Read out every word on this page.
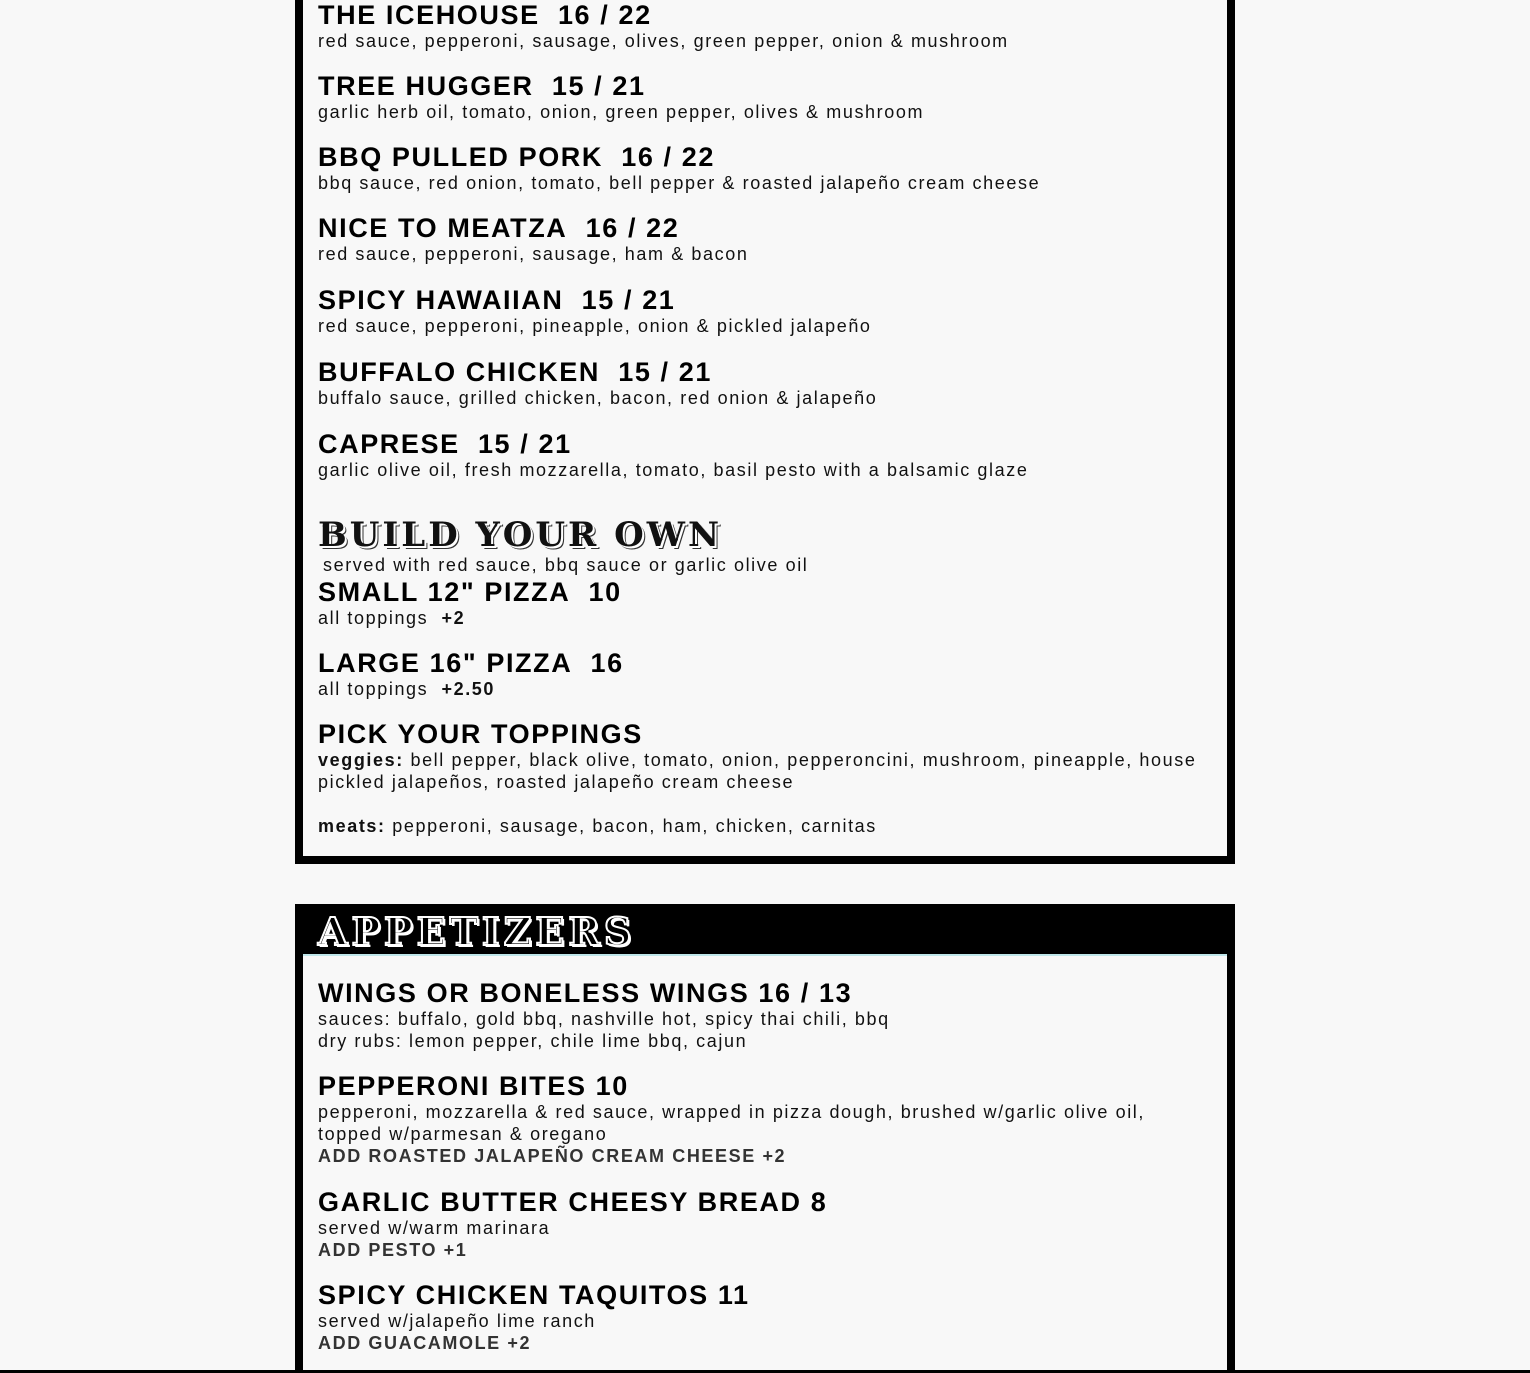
APPETIZERS
THE ICEHOUSE 16 / 22
red sauce, pepperoni, sausage, olives, green pepper, onion & mushroom
TREE HUGGER 15 / 21
garlic herb oil, tomato, onion, green pepper, olives & mushroom
BBQ PULLED PORK 16 / 22
bbq sauce, red onion, tomato, bell pepper & roasted jalapeño cream cheese
NICE TO MEATZA 16 / 22
red sauce, pepperoni, sausage, ham & bacon
SPICY HAWAIIAN 15 / 21
red sauce, pepperoni, pineapple, onion & pickled jalapeño
BUFFALO CHICKEN 15 / 21
buffalo sauce, grilled chicken, bacon, red onion & jalapeño
CAPRESE 15 / 21
garlic olive oil, fresh mozzarella, tomato, basil pesto with a balsamic glaze
BUILD YOUR OWN
served with red sauce, bbq sauce or garlic olive oil
SMALL 12" PIZZA 10
all toppings +2
LARGE 16" PIZZA 16
all toppings +2.50
PICK YOUR TOPPINGS
veggies: bell pepper, black olive, tomato, onion, pepperoncini, mushroom, pineapple, house pickled jalapeños, roasted jalapeño cream cheese
meats: pepperoni, sausage, bacon, ham, chicken, carnitas
WINGS OR BONELESS WINGS 16 / 13
sauces: buffalo, gold bbq, nashville hot, spicy thai chili, bbq
dry rubs: lemon pepper, chile lime bbq, cajun
PEPPERONI BITES 10
pepperoni, mozzarella & red sauce, wrapped in pizza dough, brushed w/garlic olive oil, topped w/parmesan & oregano
ADD ROASTED JALAPEÑO CREAM CHEESE +2
GARLIC BUTTER CHEESY BREAD 8
served w/warm marinara
ADD PESTO +1
SPICY CHICKEN TAQUITOS 11
served w/jalapeño lime ranch
ADD GUACAMOLE +2
